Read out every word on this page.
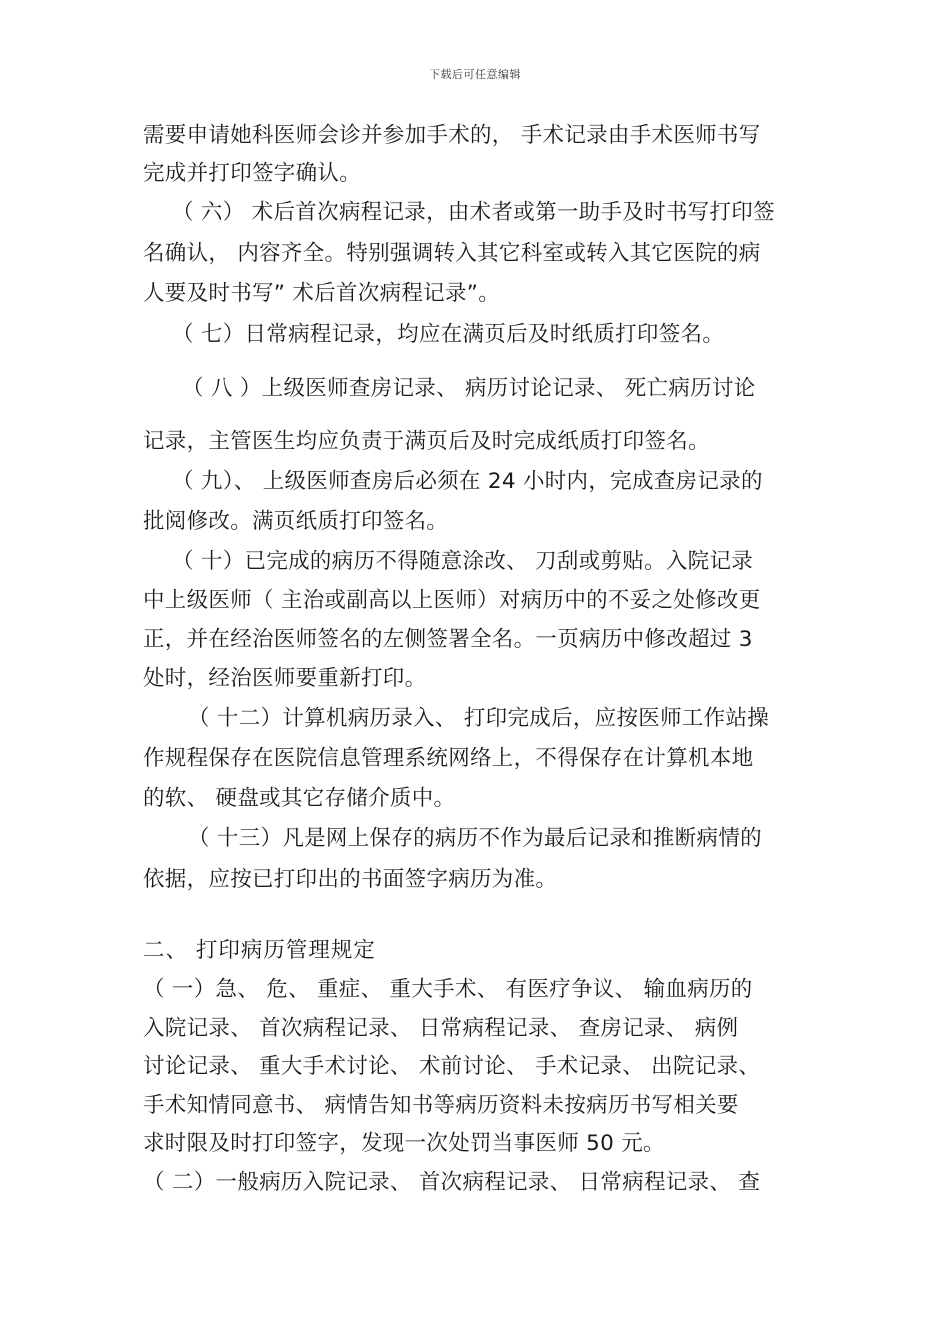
下载后可任意编辑
需要申请她科医师会诊并参加手术的， 手术记录由手术医师书写
完成并打印签字确认。
（ 六） 术后首次病程记录，由术者或第一助手及时书写打印签
名确认， 内容齐全。特别强调转入其它科室或转入其它医院的病
人要及时书写” 术后首次病程记录”。
（ 七）日常病程记录，均应在满页后及时纸质打印签名。
（ 八 ）上级医师查房记录、 病历讨论记录、 死亡病历讨论
记录，主管医生均应负责于满页后及时完成纸质打印签名。
（ 九）、 上级医师查房后必须在 24 小时内，完成查房记录的
批阅修改。满页纸质打印签名。
（ 十）已完成的病历不得随意涂改、 刀刮或剪贴。入院记录
中上级医师（ 主治或副高以上医师）对病历中的不妥之处修改更
正，并在经治医师签名的左侧签署全名。一页病历中修改超过 3
处时，经治医师要重新打印。
（ 十二）计算机病历录入、 打印完成后，应按医师工作站操
作规程保存在医院信息管理系统网络上，不得保存在计算机本地
的软、 硬盘或其它存储介质中。
（ 十三）凡是网上保存的病历不作为最后记录和推断病情的
依据，应按已打印出的书面签字病历为准。
二、 打印病历管理规定
（ 一）急、 危、 重症、 重大手术、 有医疗争议、 输血病历的
入院记录、 首次病程记录、 日常病程记录、 查房记录、 病例
讨论记录、 重大手术讨论、 术前讨论、 手术记录、 出院记录、
手术知情同意书、 病情告知书等病历资料未按病历书写相关要
求时限及时打印签字，发现一次处罚当事医师 50 元。
（ 二）一般病历入院记录、 首次病程记录、 日常病程记录、 查
